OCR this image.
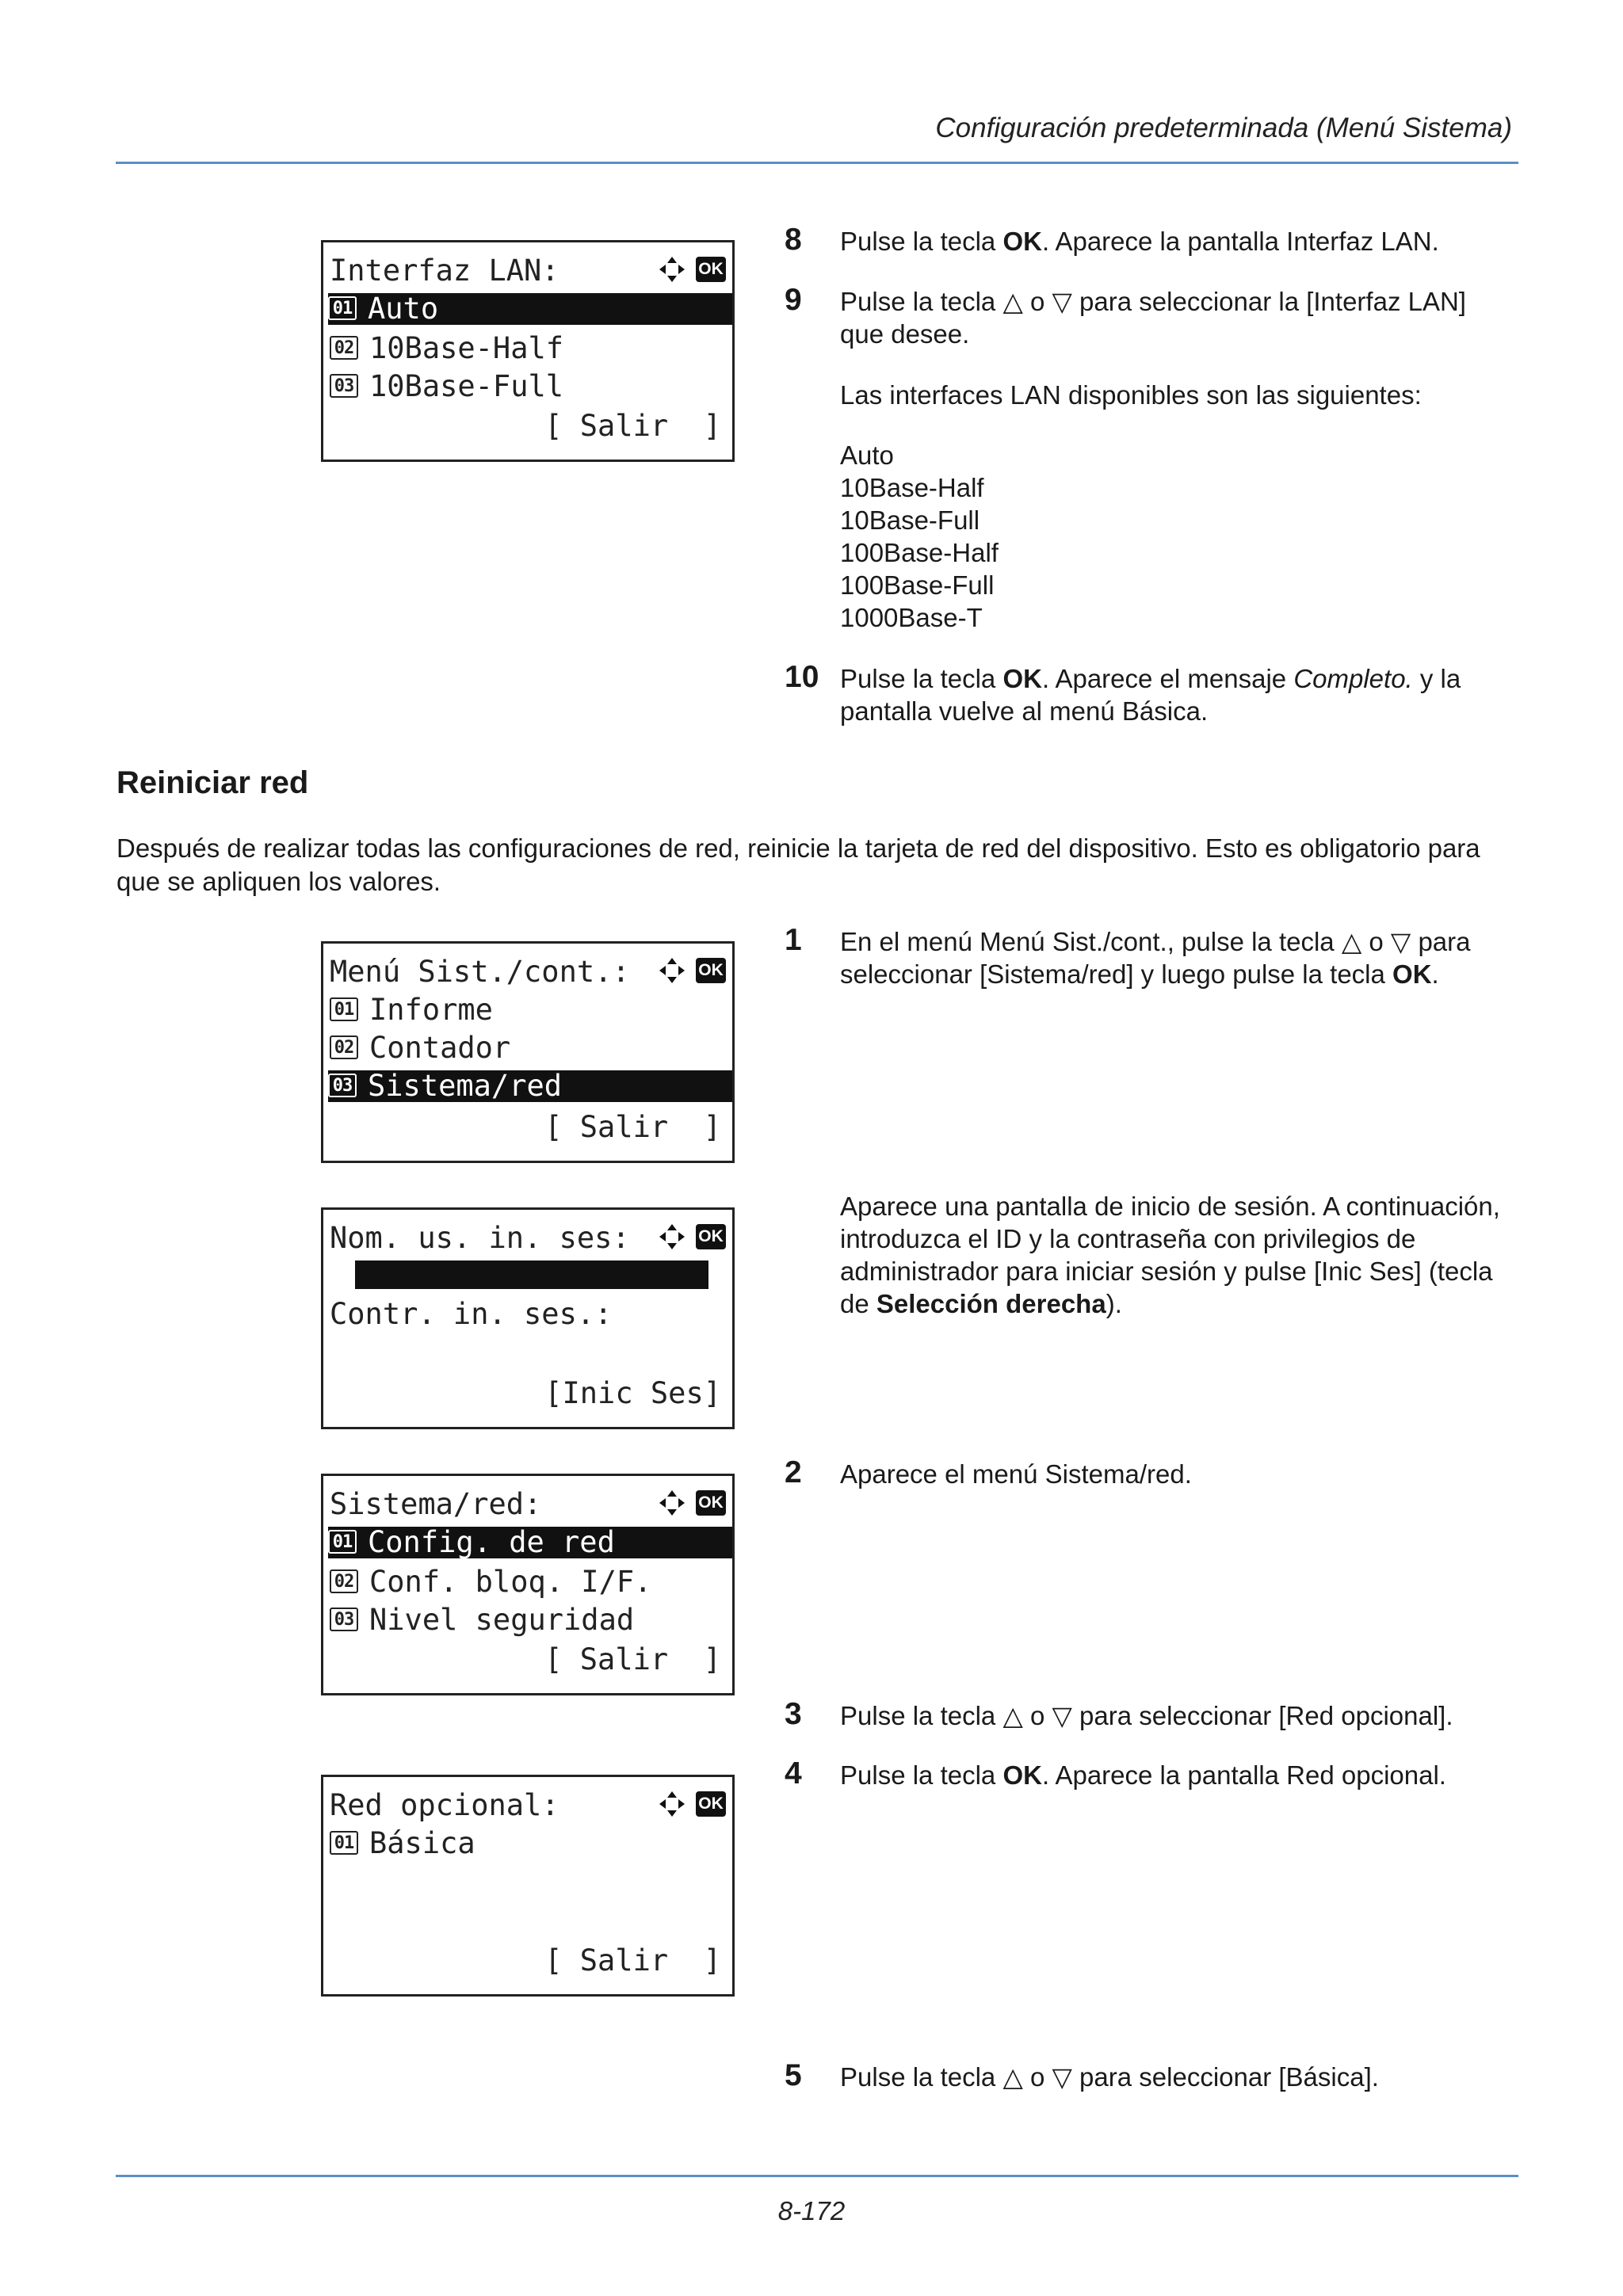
Configuración predeterminada (Menú Sistema)
Interfaz LAN:	OK
01 Auto
02 10Base-Half
03 10Base-Full
[ Salir  ]
8	Pulse la tecla OK. Aparece la pantalla Interfaz LAN.
9	Pulse la tecla △ o ▽ para seleccionar la [Interfaz LAN] que desee.
Las interfaces LAN disponibles son las siguientes:
Auto
10Base-Half
10Base-Full
100Base-Half
100Base-Full
1000Base-T
10 Pulse la tecla OK. Aparece el mensaje Completo. y la pantalla vuelve al menú Básica.
Reiniciar red
Después de realizar todas las configuraciones de red, reinicie la tarjeta de red del dispositivo. Esto es obligatorio para que se apliquen los valores.
Menú Sist./cont.:	OK
01 Informe
02 Contador
03 Sistema/red
[ Salir  ]
1	En el menú Menú Sist./cont., pulse la tecla △ o ▽ para seleccionar [Sistema/red] y luego pulse la tecla OK.
Nom. us. in. ses:	OK
Contr. in. ses.:
[Inic Ses]
Aparece una pantalla de inicio de sesión. A continuación, introduzca el ID y la contraseña con privilegios de administrador para iniciar sesión y pulse [Inic Ses] (tecla de Selección derecha).
Sistema/red:	OK
01 Config. de red
02 Conf. bloq. I/F.
03 Nivel seguridad
[ Salir  ]
2	Aparece el menú Sistema/red.
3	Pulse la tecla △ o ▽ para seleccionar [Red opcional].
4	Pulse la tecla OK. Aparece la pantalla Red opcional.
Red opcional:	OK
01 Básica
[ Salir  ]
5	Pulse la tecla △ o ▽ para seleccionar [Básica].
8-172
